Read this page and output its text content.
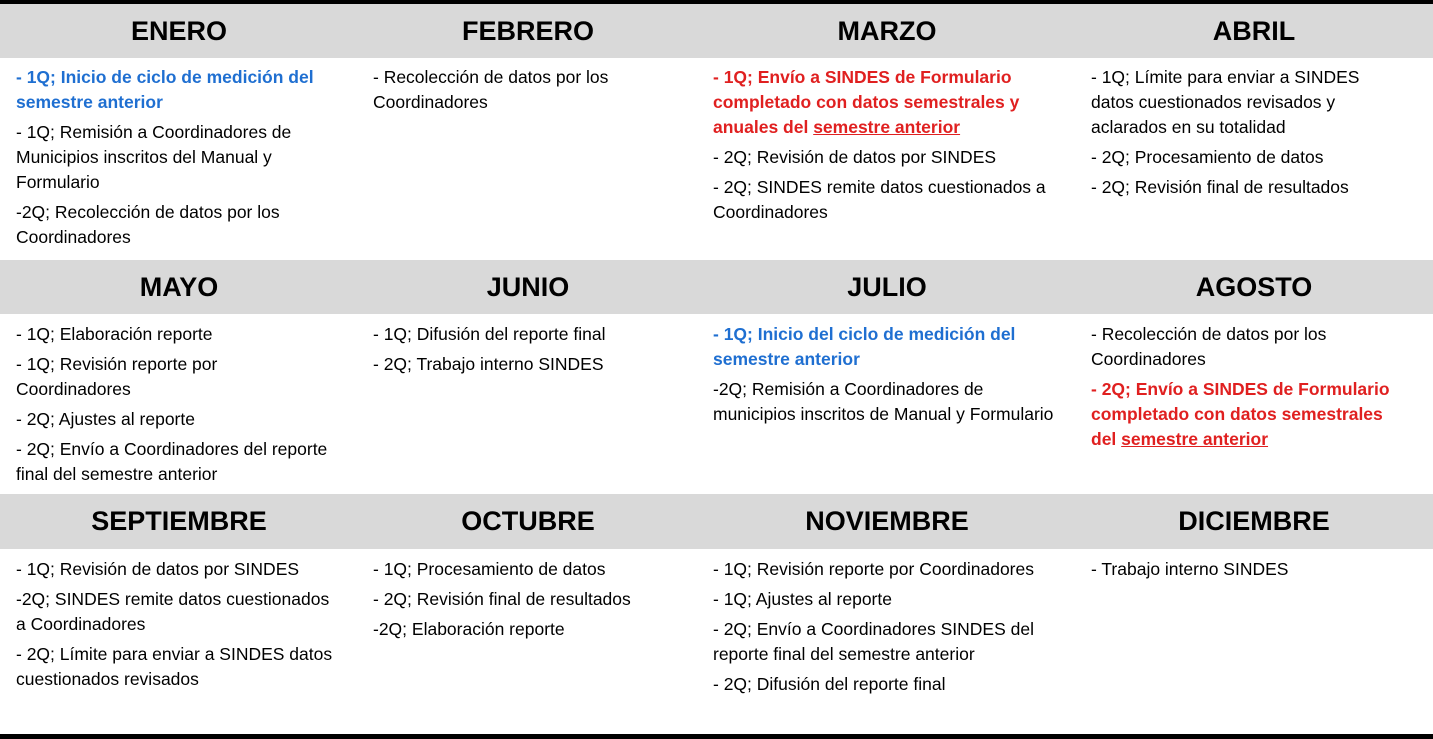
ENERO

- 1Q; Inicio de ciclo de medición del semestre anterior

- 1Q; Remisión a Coordinadores de Municipios inscritos del Manual y Formulario

-2Q; Recolección de datos por los Coordinadores

FEBRERO

- Recolección de datos por los Coordinadores

MARZO

- 1Q; Envío a SINDES de Formulario completado con datos semestrales y anuales del semestre anterior

- 2Q; Revisión de datos por SINDES

- 2Q; SINDES remite datos cuestionados a Coordinadores

ABRIL

- 1Q; Límite para enviar a SINDES datos cuestionados revisados y aclarados en su totalidad

- 2Q; Procesamiento de datos

- 2Q; Revisión final de resultados

MAYO

- 1Q; Elaboración reporte

- 1Q; Revisión reporte por Coordinadores

- 2Q; Ajustes al reporte

- 2Q; Envío a Coordinadores del reporte final del semestre anterior

JUNIO

- 1Q; Difusión del reporte final

- 2Q; Trabajo interno SINDES

JULIO

- 1Q; Inicio del ciclo de medición del semestre anterior

-2Q; Remisión a Coordinadores de municipios inscritos de Manual y Formulario

AGOSTO

- Recolección de datos por los Coordinadores

- 2Q; Envío a SINDES de Formulario completado con datos semestrales del semestre anterior

SEPTIEMBRE

- 1Q; Revisión de datos por SINDES

-2Q; SINDES remite datos cuestionados a Coordinadores

- 2Q; Límite para enviar a SINDES datos cuestionados revisados

OCTUBRE

- 1Q; Procesamiento de datos

- 2Q; Revisión final de resultados

-2Q; Elaboración reporte

NOVIEMBRE

- 1Q; Revisión reporte por Coordinadores

- 1Q; Ajustes al reporte

- 2Q; Envío a Coordinadores SINDES del reporte final del semestre anterior

- 2Q; Difusión del reporte final

DICIEMBRE

- Trabajo interno SINDES
